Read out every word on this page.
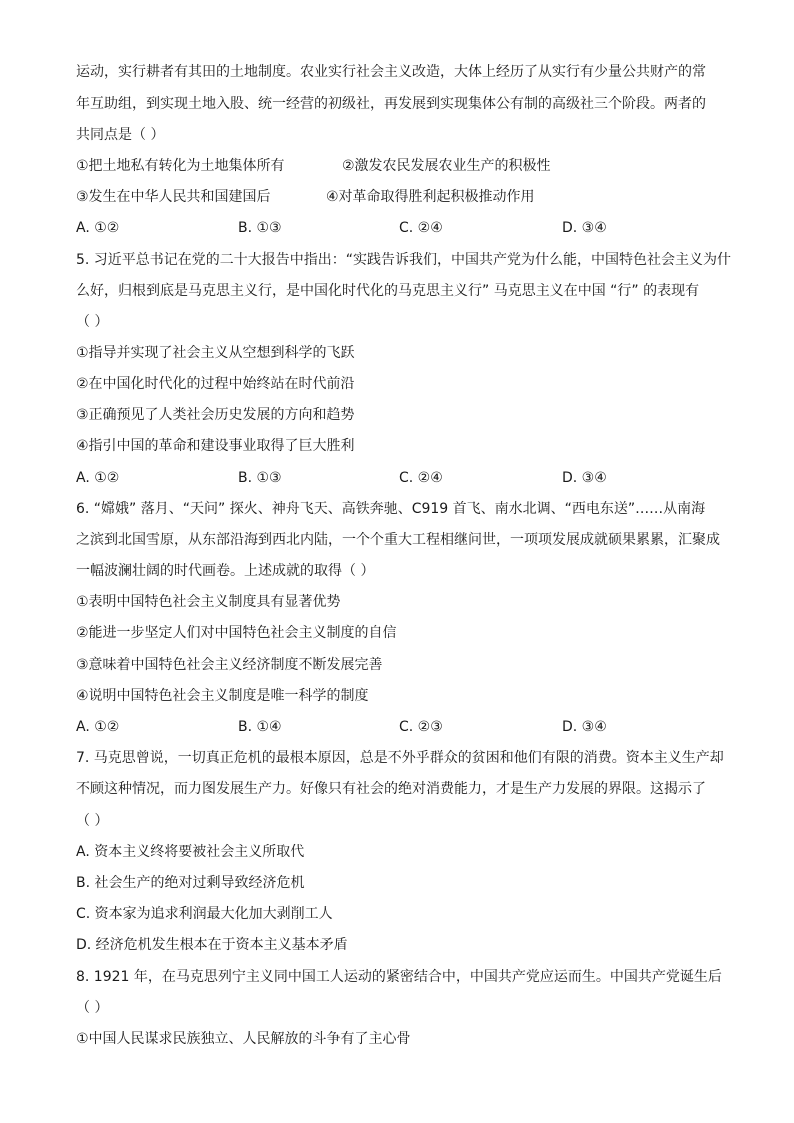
运动，实行耕者有其田的土地制度。农业实行社会主义改造，大体上经历了从实行有少量公共财产的常

年互助组，到实现土地入股、统一经营的初级社，再发展到实现集体公有制的高级社三个阶段。两者的

共同点是（ ）

①把土地私有转化为土地集体所有	②激发农民发展农业生产的积极性
③发生在中华人民共和国建国后	④对革命取得胜利起积极推动作用
A. ①②	B. ①③	C. ②④	D. ③④

5. 习近平总书记在党的二十大报告中指出：“实践告诉我们，中国共产党为什么能，中国特色社会主义为什

么好，归根到底是马克思主义行，是中国化时代化的马克思主义行” 马克思主义在中国 “行” 的表现有

（ ）

①指导并实现了社会主义从空想到科学的飞跃

②在中国化时代化的过程中始终站在时代前沿

③正确预见了人类社会历史发展的方向和趋势

④指引中国的革命和建设事业取得了巨大胜利

A. ①②	B. ①③	C. ②④	D. ③④

6. “嫦娥” 落月、“天问” 探火、神舟飞天、高铁奔驰、C919 首飞、南水北调、“西电东送”……从南海

之滨到北国雪原，从东部沿海到西北内陆，一个个重大工程相继问世，一项项发展成就硕果累累，汇聚成

一幅波澜壮阔的时代画卷。上述成就的取得（ ）

①表明中国特色社会主义制度具有显著优势

②能进一步坚定人们对中国特色社会主义制度的自信

③意味着中国特色社会主义经济制度不断发展完善

④说明中国特色社会主义制度是唯一科学的制度

A. ①②	B. ①④	C. ②③	D. ③④

7. 马克思曾说，一切真正危机的最根本原因，总是不外乎群众的贫困和他们有限的消费。资本主义生产却

不顾这种情况，而力图发展生产力。好像只有社会的绝对消费能力，才是生产力发展的界限。这揭示了

（ ）

A. 资本主义终将要被社会主义所取代

B. 社会生产的绝对过剩导致经济危机

C. 资本家为追求利润最大化加大剥削工人

D. 经济危机发生根本在于资本主义基本矛盾

8. 1921 年，在马克思列宁主义同中国工人运动的紧密结合中，中国共产党应运而生。中国共产党诞生后

（ ）

①中国人民谋求民族独立、人民解放的斗争有了主心骨
